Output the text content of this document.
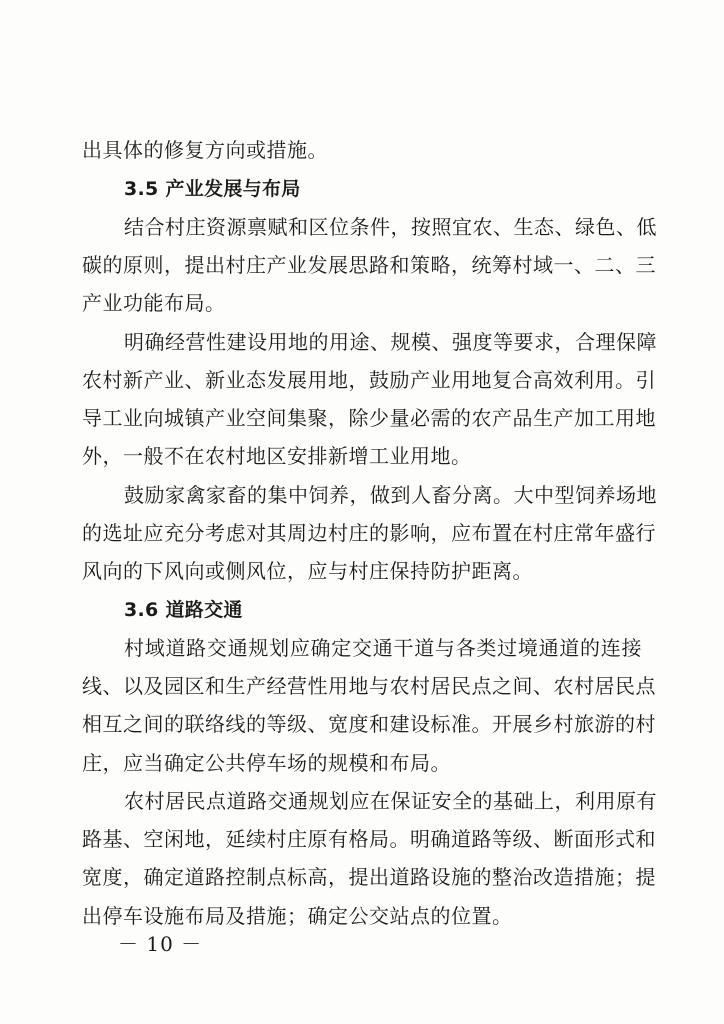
出具体的修复方向或措施。
3.5 产业发展与布局
结合村庄资源禀赋和区位条件，按照宜农、生态、绿色、低
碳的原则，提出村庄产业发展思路和策略，统筹村域一、二、三
产业功能布局。
明确经营性建设用地的用途、规模、强度等要求，合理保障
农村新产业、新业态发展用地，鼓励产业用地复合高效利用。引
导工业向城镇产业空间集聚，除少量必需的农产品生产加工用地
外，一般不在农村地区安排新增工业用地。
鼓励家禽家畜的集中饲养，做到人畜分离。大中型饲养场地
的选址应充分考虑对其周边村庄的影响，应布置在村庄常年盛行
风向的下风向或侧风位，应与村庄保持防护距离。
3.6 道路交通
村域道路交通规划应确定交通干道与各类过境通道的连接
线、以及园区和生产经营性用地与农村居民点之间、农村居民点
相互之间的联络线的等级、宽度和建设标准。开展乡村旅游的村
庄，应当确定公共停车场的规模和布局。
农村居民点道路交通规划应在保证安全的基础上，利用原有
路基、空闲地，延续村庄原有格局。明确道路等级、断面形式和
宽度，确定道路控制点标高，提出道路设施的整治改造措施；提
出停车设施布局及措施；确定公交站点的位置。
－ 10 －
